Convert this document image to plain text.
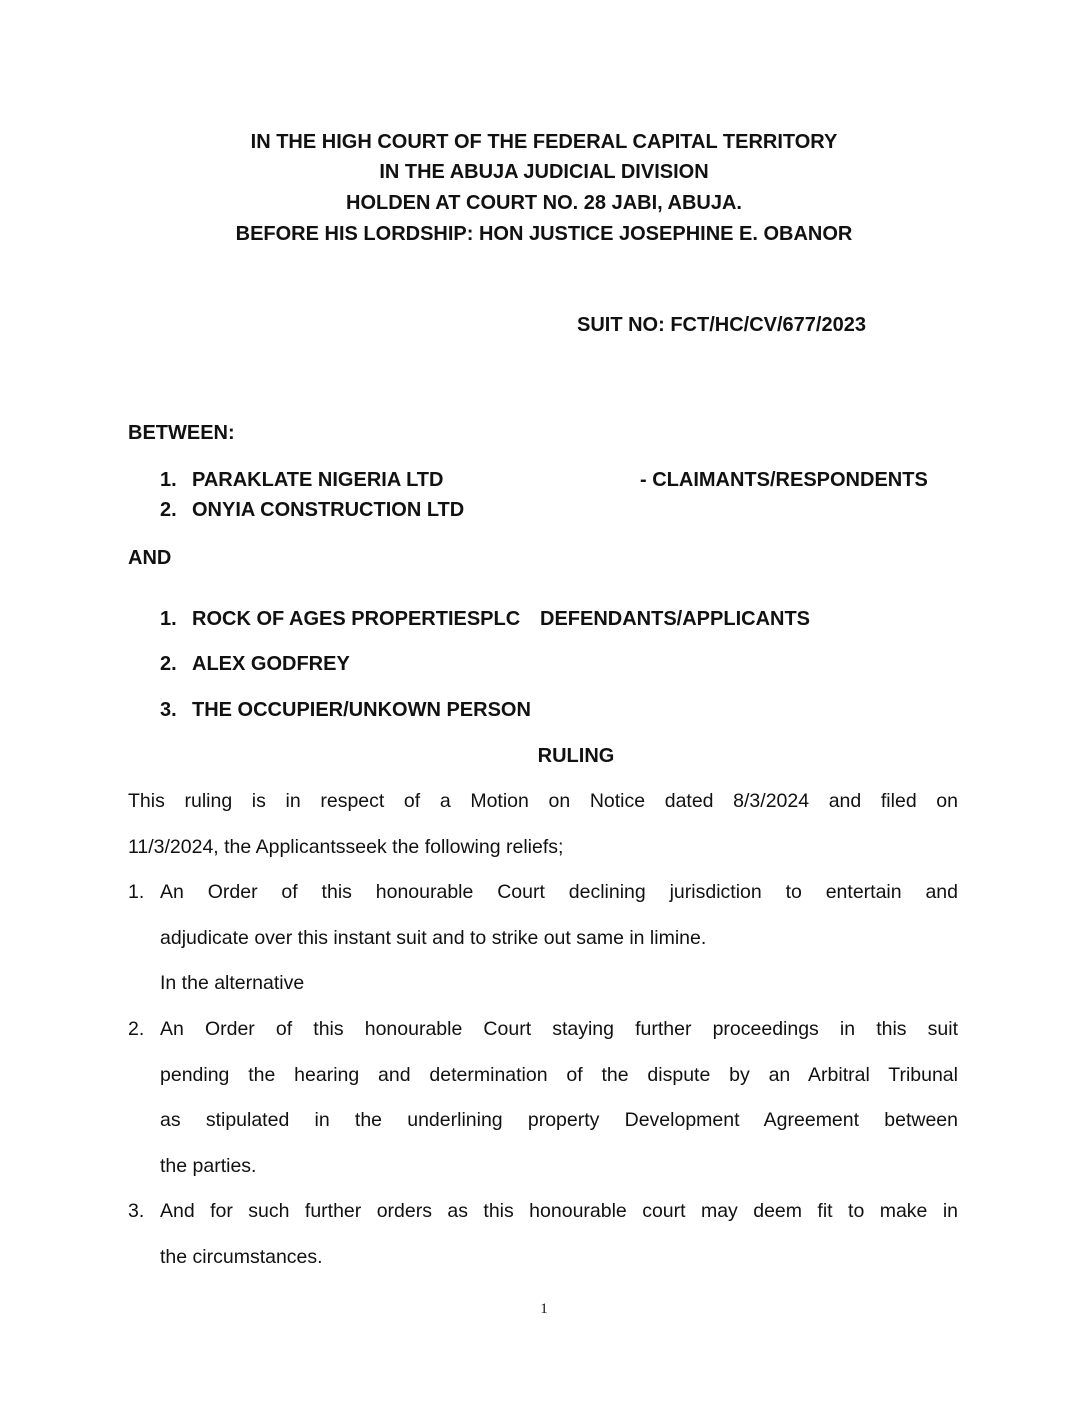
IN THE HIGH COURT OF THE FEDERAL CAPITAL TERRITORY
IN THE ABUJA JUDICIAL DIVISION
HOLDEN AT COURT NO. 28 JABI, ABUJA.
BEFORE HIS LORDSHIP: HON JUSTICE JOSEPHINE E. OBANOR
SUIT NO: FCT/HC/CV/677/2023
BETWEEN:
1. PARAKLATE NIGERIA LTD	- CLAIMANTS/RESPONDENTS
2. ONYIA CONSTRUCTION LTD
AND
1. ROCK OF AGES PROPERTIESPLC DEFENDANTS/APPLICANTS
2. ALEX GODFREY
3. THE OCCUPIER/UNKOWN PERSON
RULING
This ruling is in respect of a Motion on Notice dated 8/3/2024 and filed on
11/3/2024, the Applicantsseek the following reliefs;
1. An Order of this honourable Court declining jurisdiction to entertain and
adjudicate over this instant suit and to strike out same in limine.
In the alternative
2. An Order of this honourable Court staying further proceedings in this suit
pending the hearing and determination of the dispute by an Arbitral Tribunal
as stipulated in the underlining property Development Agreement between
the parties.
3. And for such further orders as this honourable court may deem fit to make in
the circumstances.
1
